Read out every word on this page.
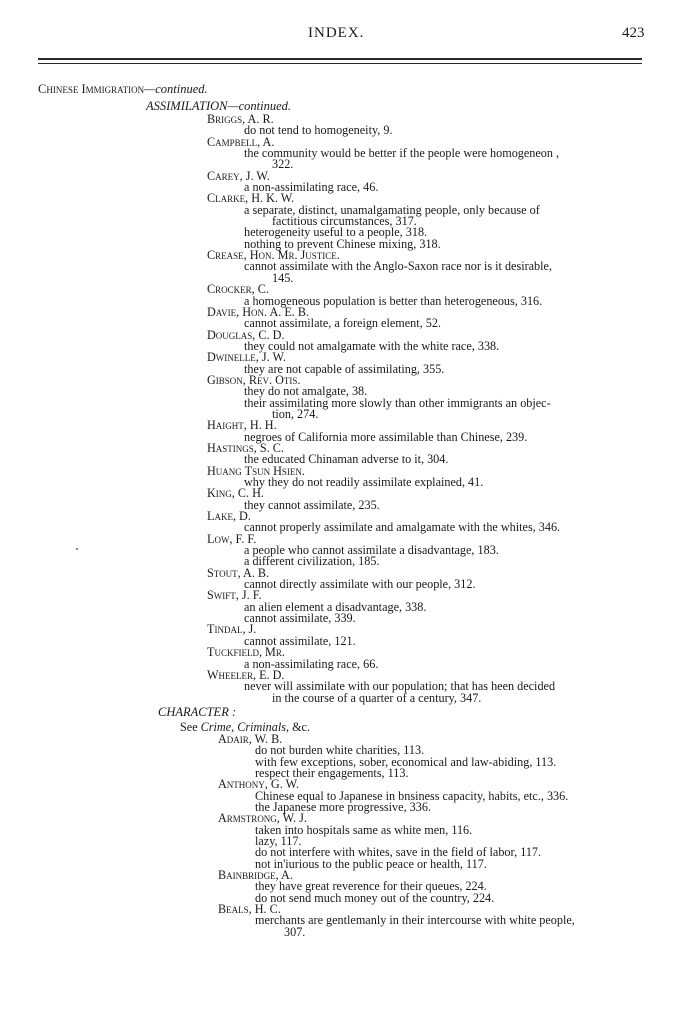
INDEX.	423
Chinese Immigration—continued.
ASSIMILATION—continued.
Briggs, A. R.
do not tend to homogeneity, 9.
Campbell, A.
the community would be better if the people were homogeneon ,
322.
Carey, J. W.
a non-assimilating race, 46.
Clarke, H. K. W.
a separate, distinct, unamalgamating people, only because of
factitious circumstances, 317.
heterogeneity useful to a people, 318.
nothing to prevent Chinese mixing, 318.
Crease, Hon. Mr. Justice.
cannot assimilate with the Anglo-Saxon race nor is it desirable,
145.
Crocker, C.
a homogeneous population is better than heterogeneous, 316.
Davie, Hon. A. E. B.
cannot assimilate, a foreign element, 52.
Douglas, C. D.
they could not amalgamate with the white race, 338.
Dwinelle, J. W.
they are not capable of assimilating, 355.
Gibson, Rev. Otis.
they do not amalgate, 38.
their assimilating more slowly than other immigrants an objec-
tion, 274.
Haight, H. H.
negroes of California more assimilable than Chinese, 239.
Hastings, S. C.
the educated Chinaman adverse to it, 304.
Huang Tsun Hsien.
why they do not readily assimilate explained, 41.
King, C. H.
they cannot assimilate, 235.
Lake, D.
cannot properly assimilate and amalgamate with the whites, 346.
Low, F. F.
a people who cannot assimilate a disadvantage, 183.
a different civilization, 185.
Stout, A. B.
cannot directly assimilate with our people, 312.
Swift, J. F.
an alien element a disadvantage, 338.
cannot assimilate, 339.
Tindal, J.
cannot assimilate, 121.
Tuckfield, Mr.
a non-assimilating race, 66.
Wheeler, E. D.
never will assimilate with our population; that has heen decided
in the course of a quarter of a century, 347.
CHARACTER :
See Crime, Criminals, &c.
Adair, W. B.
do not burden white charities, 113.
with few exceptions, sober, economical and law-abiding, 113.
respect their engagements, 113.
Anthony, G. W.
Chinese equal to Japanese in bnsiness capacity, habits, etc., 336.
the Japanese more progressive, 336.
Armstrong, W. J.
taken into hospitals same as white men, 116.
lazy, 117.
do not interfere with whites, save in the field of labor, 117.
not in'iurious to the public peace or health, 117.
Bainbridge, A.
they have great reverence for their queues, 224.
do not send much money out of the country, 224.
Beals, H. C.
merchants are gentlemanly in their intercourse with white people,
307.
